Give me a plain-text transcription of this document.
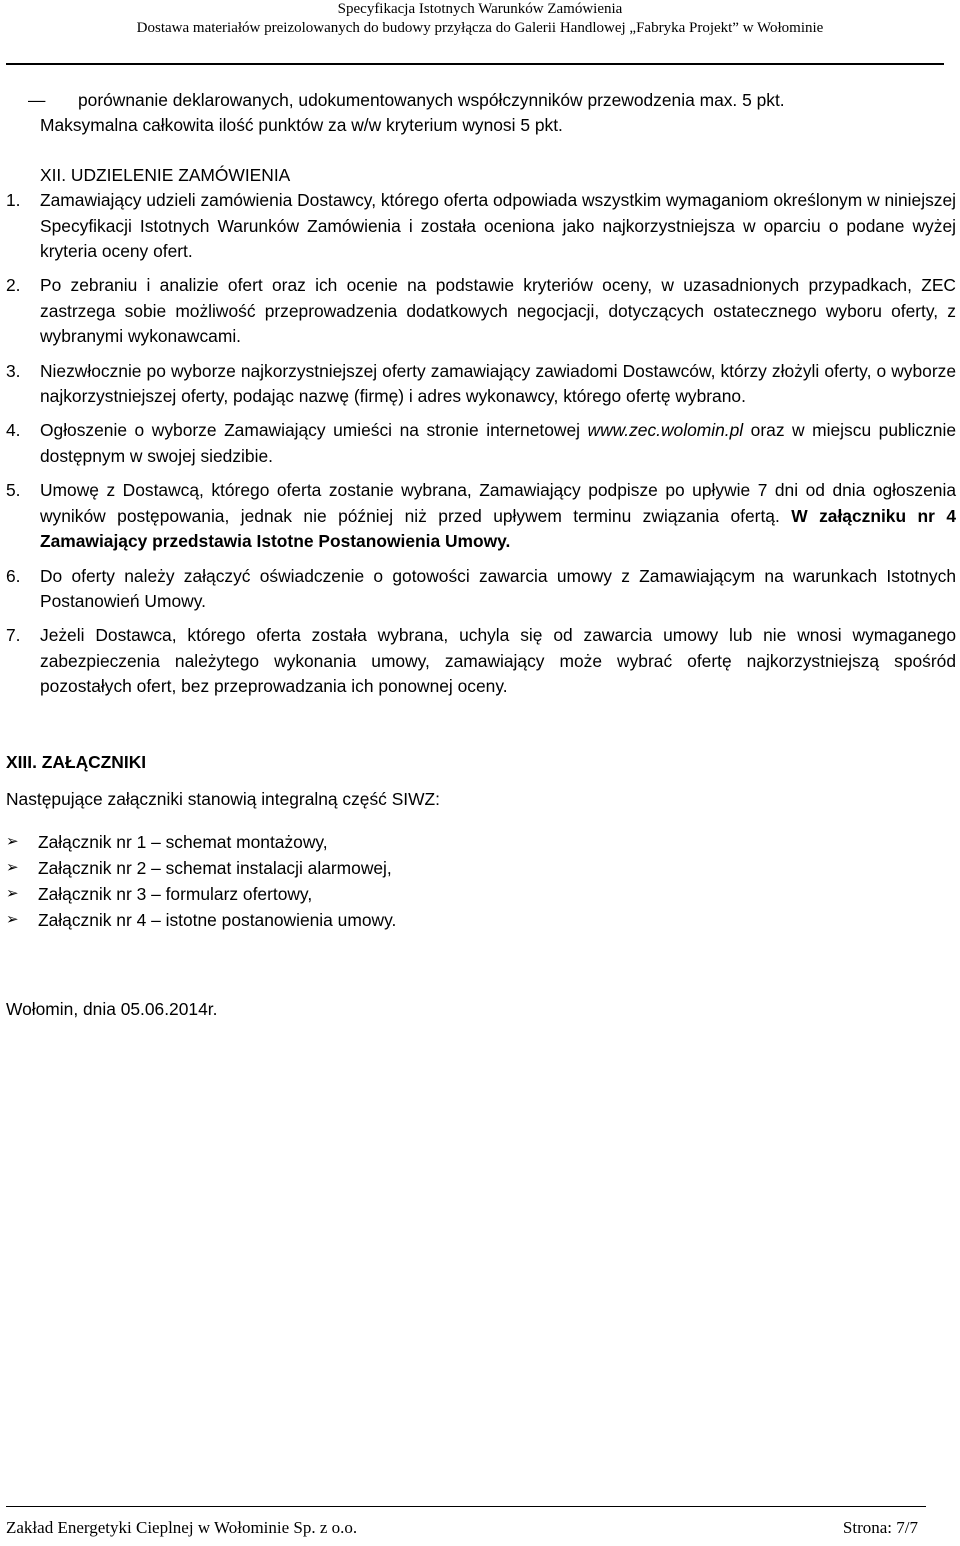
Specyfikacja Istotnych Warunków Zamówienia
Dostawa materiałów preizolowanych do budowy przyłącza do Galerii Handlowej „Fabryka Projekt” w Wołominie
— porównanie deklarowanych, udokumentowanych współczynników przewodzenia max. 5 pkt.
Maksymalna całkowita ilość punktów za w/w kryterium wynosi 5 pkt.
XII. UDZIELENIE ZAMÓWIENIA
1. Zamawiający udzieli zamówienia Dostawcy, którego oferta odpowiada wszystkim wymaganiom określonym w niniejszej Specyfikacji Istotnych Warunków Zamówienia i została oceniona jako najkorzystniejsza w oparciu o podane wyżej kryteria oceny ofert.
2. Po zebraniu i analizie ofert oraz ich ocenie na podstawie kryteriów oceny, w uzasadnionych przypadkach, ZEC zastrzega sobie możliwość przeprowadzenia dodatkowych negocjacji, dotyczących ostatecznego wyboru oferty, z wybranymi wykonawcami.
3. Niezwłocznie po wyborze najkorzystniejszej oferty zamawiający zawiadomi Dostawców, którzy złożyli oferty, o wyborze najkorzystniejszej oferty, podając nazwę (firmę) i adres wykonawcy, którego ofertę wybrano.
4. Ogłoszenie o wyborze Zamawiający umieści na stronie internetowej www.zec.wolomin.pl oraz w miejscu publicznie dostępnym w swojej siedzibie.
5. Umowę z Dostawcą, którego oferta zostanie wybrana, Zamawiający podpisze po upływie 7 dni od dnia ogłoszenia wyników postępowania, jednak nie później niż przed upływem terminu związania ofertą. W załączniku nr 4 Zamawiający przedstawia Istotne Postanowienia Umowy.
6. Do oferty należy załączyć oświadczenie o gotowości zawarcia umowy z Zamawiającym na warunkach Istotnych Postanowień Umowy.
7. Jeżeli Dostawca, którego oferta została wybrana, uchyla się od zawarcia umowy lub nie wnosi wymaganego zabezpieczenia należytego wykonania umowy, zamawiający może wybrać ofertę najkorzystniejszą spośród pozostałych ofert, bez przeprowadzania ich ponownej oceny.
XIII. ZAŁĄCZNIKI
Następujące załączniki stanowią integralną część SIWZ:
➢ Załącznik nr 1 – schemat montażowy,
➢ Załącznik nr 2 – schemat instalacji alarmowej,
➢ Załącznik nr 3 – formularz ofertowy,
➢ Załącznik nr 4 – istotne postanowienia umowy.
Wołomin, dnia 05.06.2014r.
Zakład Energetyki Cieplnej w Wołominie Sp. z o.o.	Strona: 7/7
